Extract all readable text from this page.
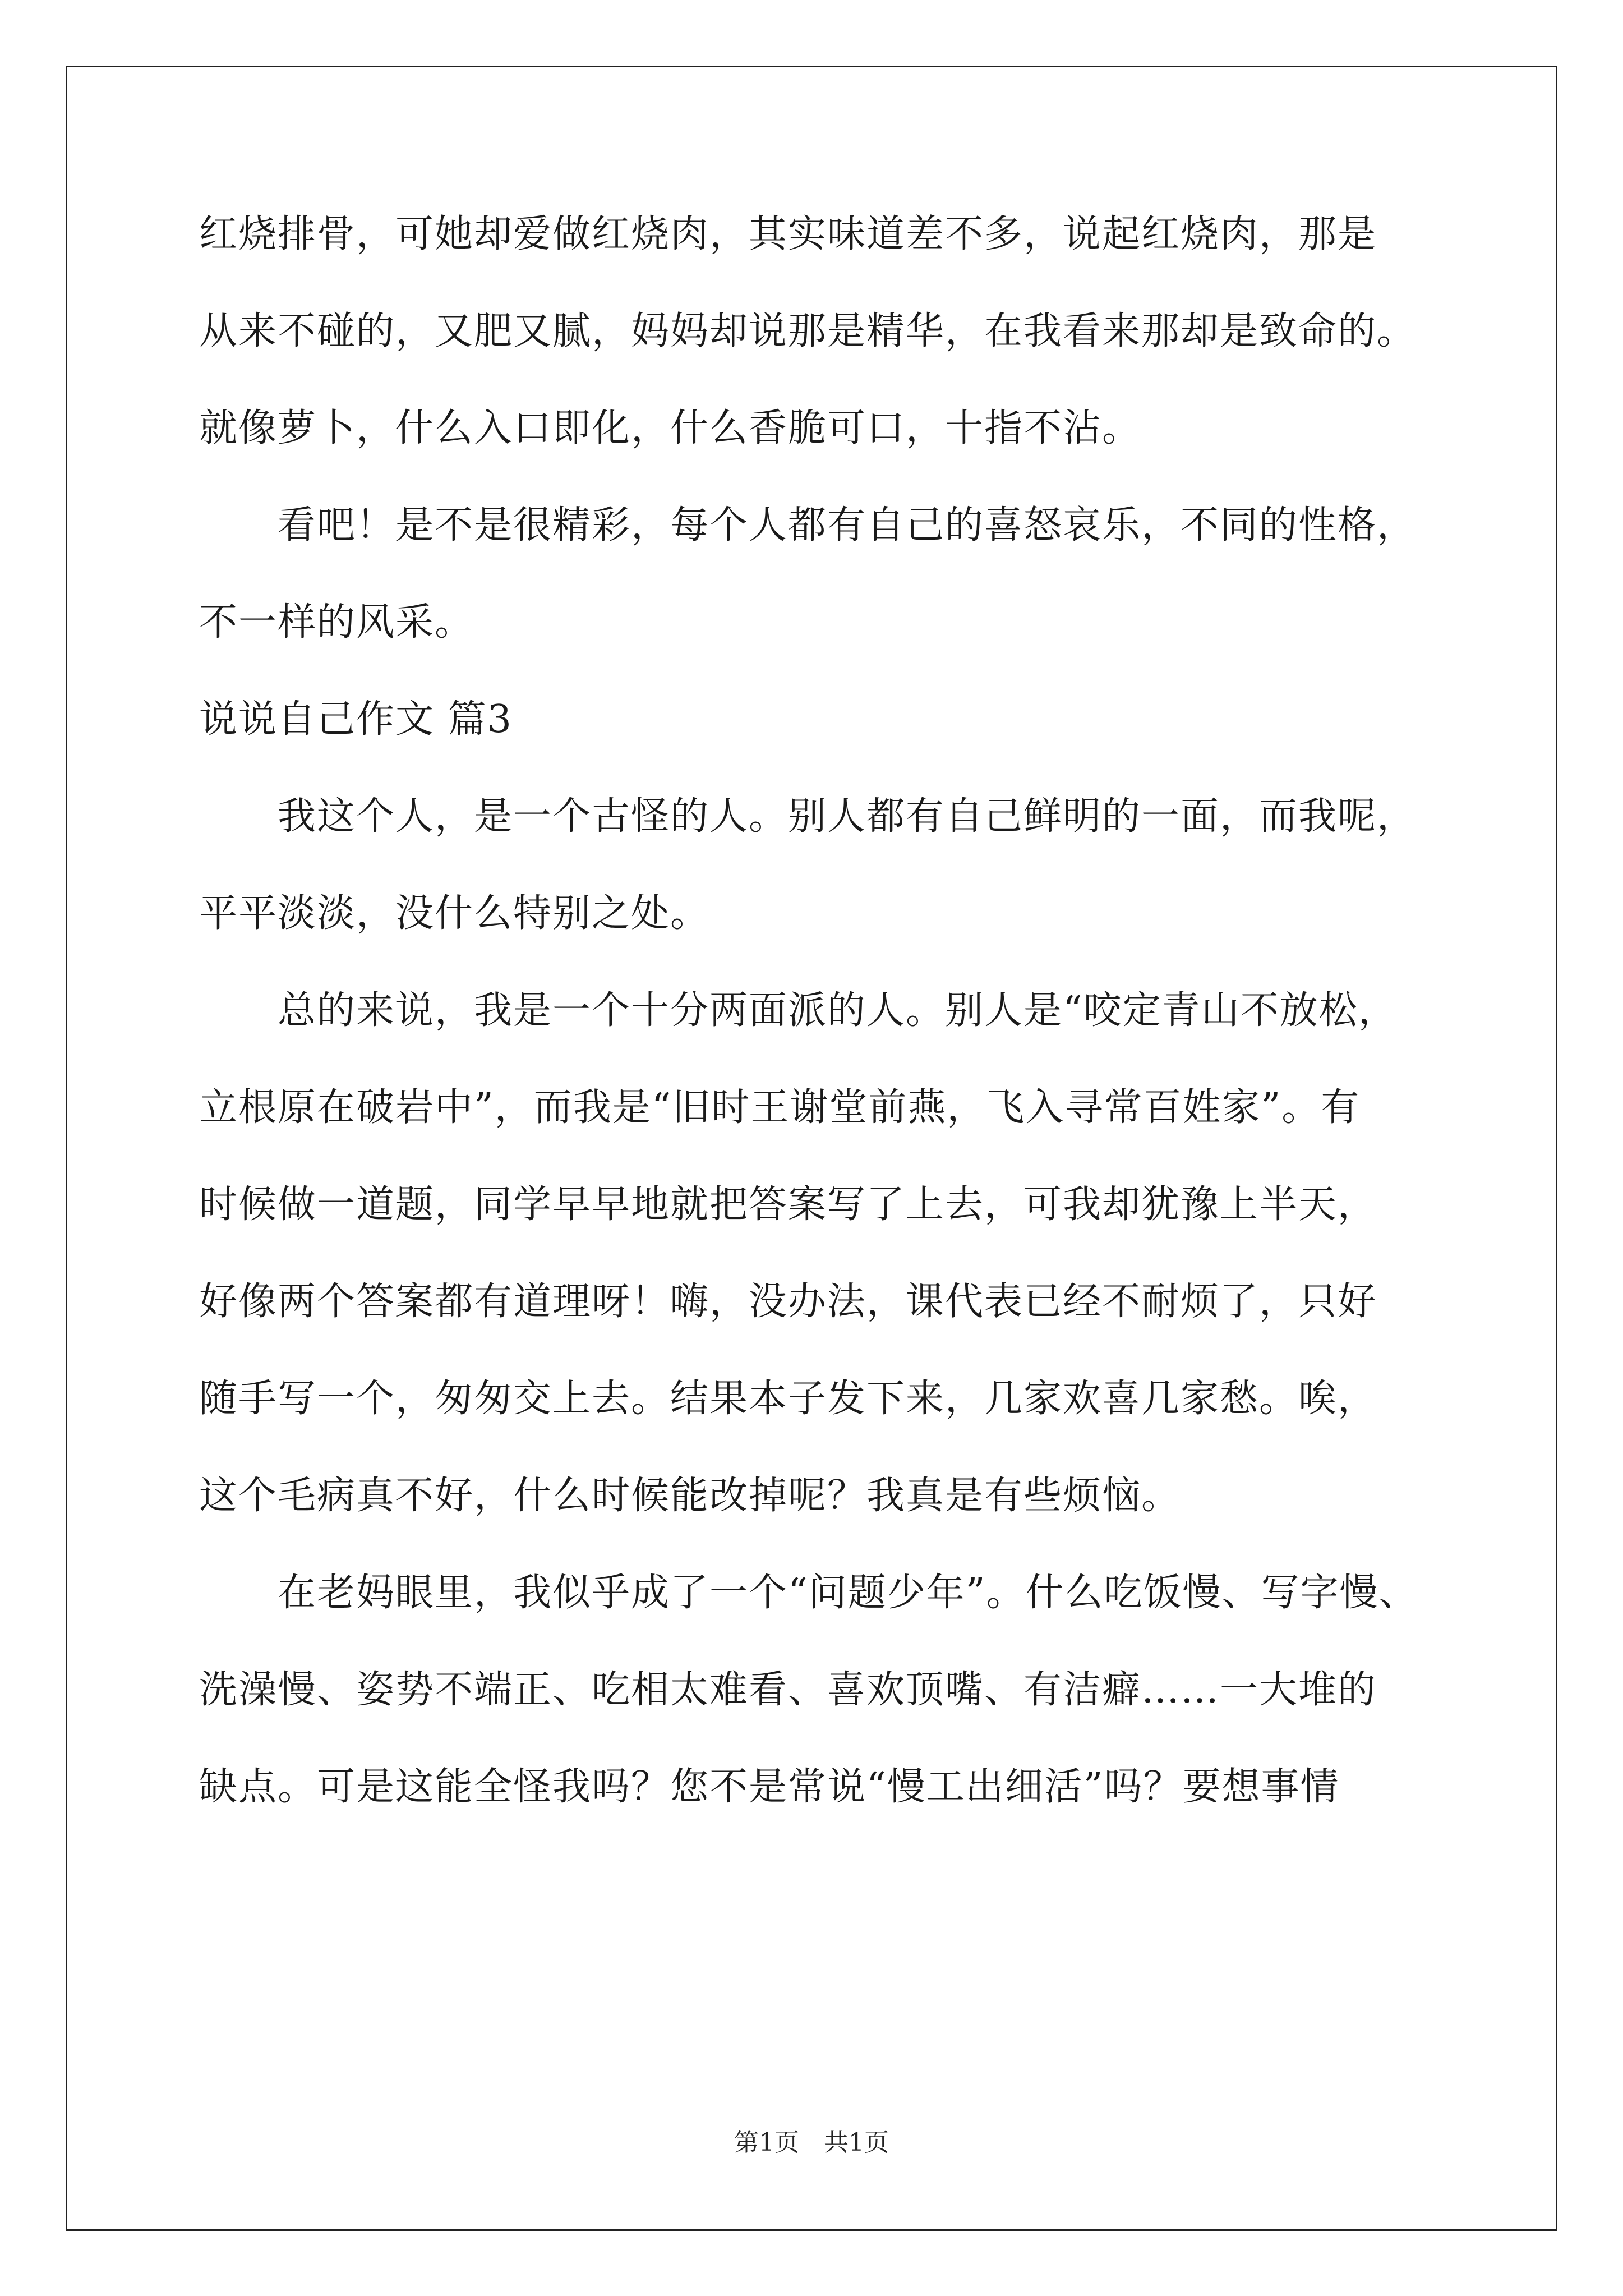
红烧排骨，可她却爱做红烧肉，其实味道差不多，说起红烧肉，那是
从来不碰的，又肥又腻，妈妈却说那是精华，在我看来那却是致命的。
就像萝卜，什么入口即化，什么香脆可口，十指不沾。
　　看吧！是不是很精彩，每个人都有自己的喜怒哀乐，不同的性格，
不一样的风采。
说说自己作文 篇3
　　我这个人，是一个古怪的人。别人都有自己鲜明的一面，而我呢，
平平淡淡，没什么特别之处。
　　总的来说，我是一个十分两面派的人。别人是“咬定青山不放松，
立根原在破岩中”，而我是“旧时王谢堂前燕，飞入寻常百姓家”。有
时候做一道题，同学早早地就把答案写了上去，可我却犹豫上半天，
好像两个答案都有道理呀！嗨，没办法，课代表已经不耐烦了，只好
随手写一个，匆匆交上去。结果本子发下来，几家欢喜几家愁。唉，
这个毛病真不好，什么时候能改掉呢？我真是有些烦恼。
　　在老妈眼里，我似乎成了一个“问题少年”。什么吃饭慢、写字慢、
洗澡慢、姿势不端正、吃相太难看、喜欢顶嘴、有洁癖……一大堆的
缺点。可是这能全怪我吗？您不是常说“慢工出细活”吗？要想事情
第1页　共1页
